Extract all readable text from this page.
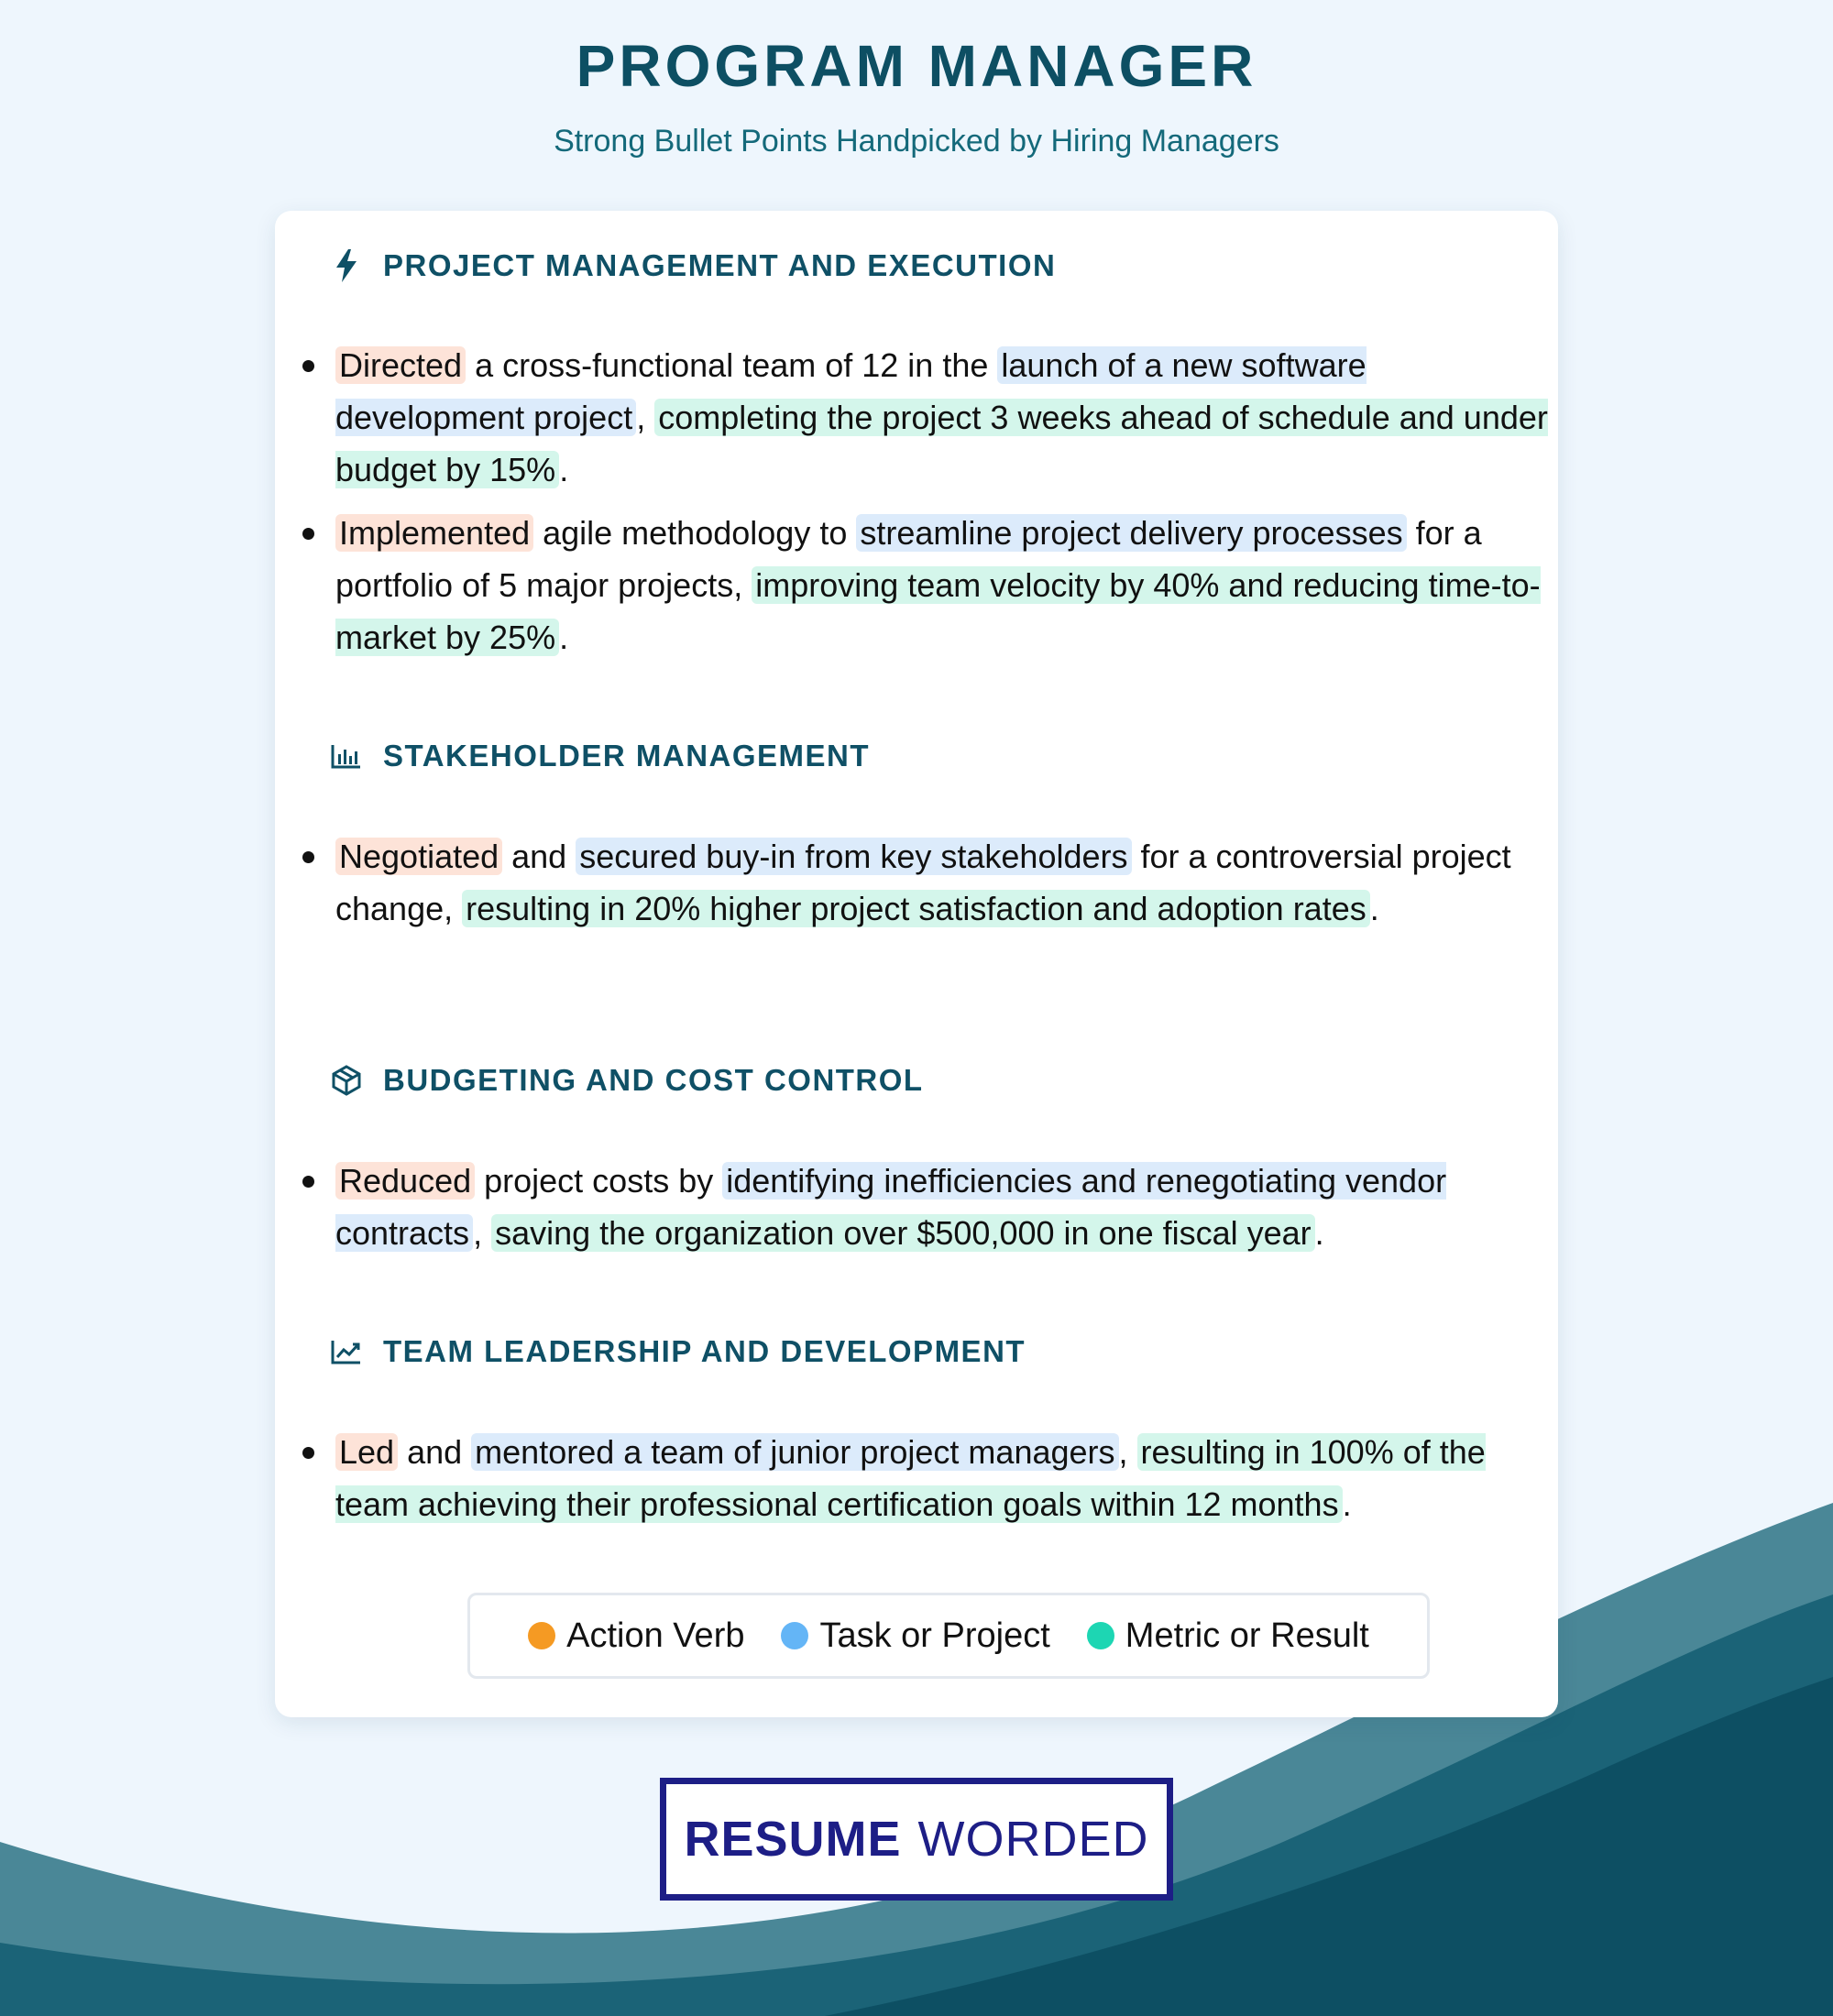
PROGRAM MANAGER
Strong Bullet Points Handpicked by Hiring Managers
PROJECT MANAGEMENT AND EXECUTION
Directed a cross-functional team of 12 in the launch of a new software development project , completing the project 3 weeks ahead of schedule and under budget by 15% .
Implemented agile methodology to streamline project delivery processes for a portfolio of 5 major projects, improving team velocity by 40% and reducing time-to-market by 25% .
STAKEHOLDER MANAGEMENT
Negotiated and secured buy-in from key stakeholders for a controversial project change, resulting in 20% higher project satisfaction and adoption rates .
BUDGETING AND COST CONTROL
Reduced project costs by identifying inefficiencies and renegotiating vendor contracts , saving the organization over $500,000 in one fiscal year .
TEAM LEADERSHIP AND DEVELOPMENT
Led and mentored a team of junior project managers , resulting in 100% of the team achieving their professional certification goals within 12 months .
Action Verb Task or Project Metric or Result
RESUME WORDED
